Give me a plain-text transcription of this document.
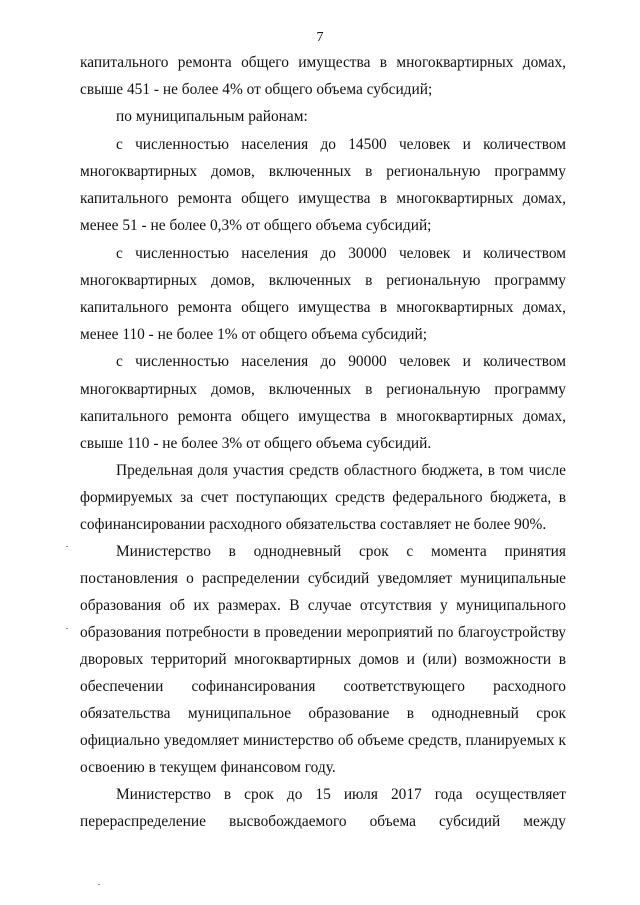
7
капитального ремонта общего имущества в многоквартирных домах,
свыше 451 - не более 4% от общего объема субсидий;
по муниципальным районам:
с численностью населения до 14500 человек и количеством
многоквартирных домов, включенных в региональную программу
капитального ремонта общего имущества в многоквартирных домах,
менее 51 - не более 0,3% от общего объема субсидий;
с численностью населения до 30000 человек и количеством
многоквартирных домов, включенных в региональную программу
капитального ремонта общего имущества в многоквартирных домах,
менее 110 - не более 1% от общего объема субсидий;
с численностью населения до 90000 человек и количеством
многоквартирных домов, включенных в региональную программу
капитального ремонта общего имущества в многоквартирных домах,
свыше 110 - не более 3% от общего объема субсидий.
Предельная доля участия средств областного бюджета, в том числе
формируемых за счет поступающих средств федерального бюджета, в
софинансировании расходного обязательства составляет не более 90%.
Министерство в однодневный срок с момента принятия
постановления о распределении субсидий уведомляет муниципальные
образования об их размерах. В случае отсутствия у муниципального
образования потребности в проведении мероприятий по благоустройству
дворовых территорий многоквартирных домов и (или) возможности в
обеспечении софинансирования соответствующего расходного
обязательства муниципальное образование в однодневный срок
официально уведомляет министерство об объеме средств, планируемых к
освоению в текущем финансовом году.
Министерство в срок до 15 июля 2017 года осуществляет
перераспределение высвобождаемого объема субсидий между
